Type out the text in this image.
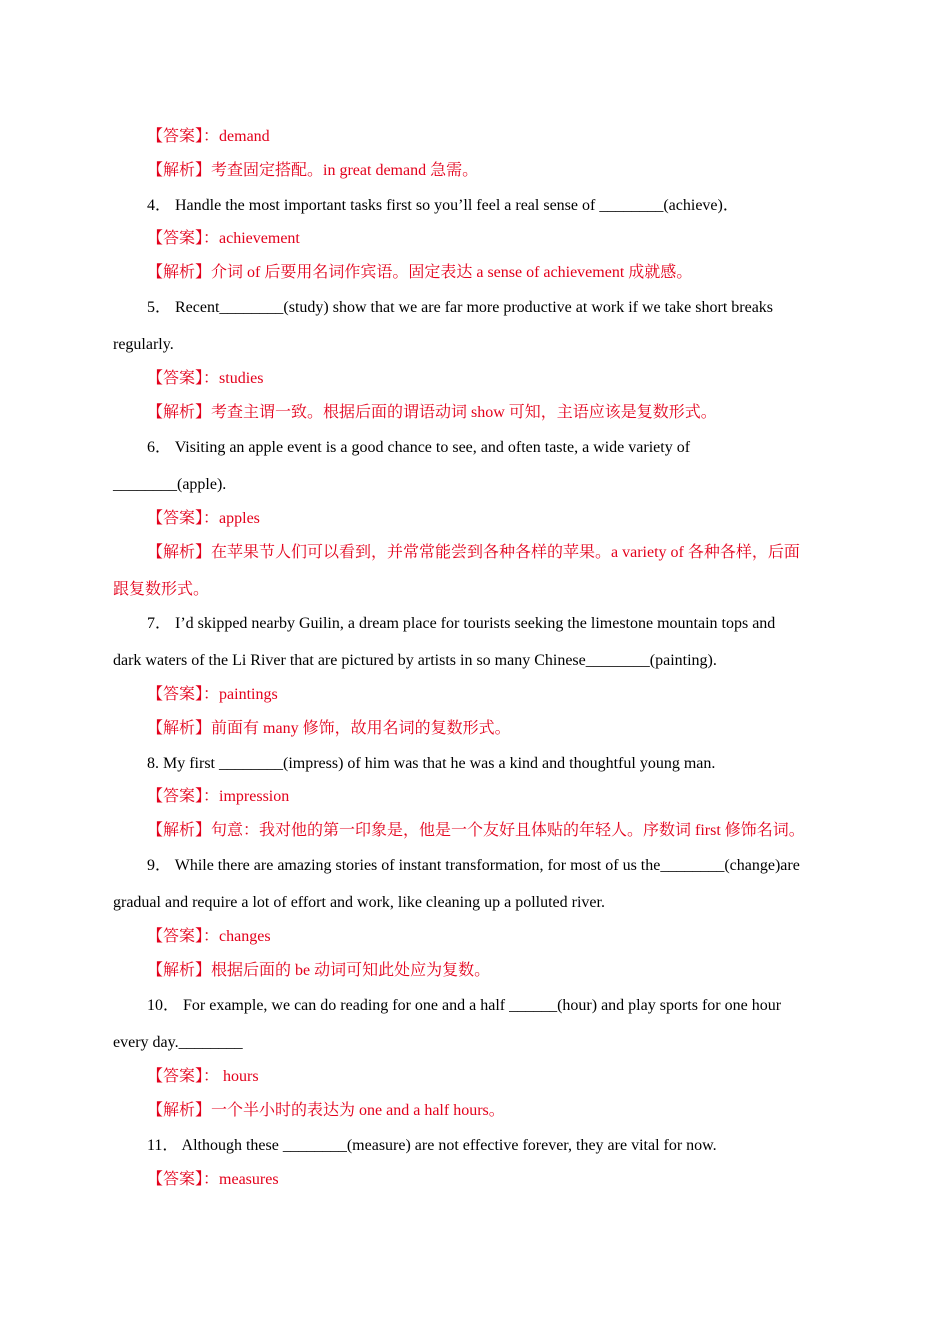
【答案】：demand
【解析】考查固定搭配。in great demand 急需。
4． Handle the most important tasks first so you’ll feel a real sense of ________(achieve)．
【答案】：achievement
【解析】介词 of 后要用名词作宾语。固定表达 a sense of achievement 成就感。
5． Recent________(study) show that we are far more productive at work if we take short breaks
regularly.
【答案】：studies
【解析】考查主谓一致。根据后面的谓语动词 show 可知，主语应该是复数形式。
6． Visiting an apple event is a good chance to see, and often taste, a wide variety of
________(apple).
【答案】：apples
【解析】在苹果节人们可以看到，并常常能尝到各种各样的苹果。a variety of 各种各样，后面
跟复数形式。
7． I’d skipped nearby Guilin, a dream place for tourists seeking the limestone mountain tops and
dark waters of the Li River that are pictured by artists in so many Chinese________(painting).
【答案】：paintings
【解析】前面有 many 修饰，故用名词的复数形式。
8. My first ________(impress) of him was that he was a kind and thoughtful young man.
【答案】：impression
【解析】句意：我对他的第一印象是，他是一个友好且体贴的年轻人。序数词 first 修饰名词。
9． While there are amazing stories of instant transformation, for most of us the________(change)are
gradual and require a lot of effort and work, like cleaning up a polluted river.
【答案】：changes
【解析】根据后面的 be 动词可知此处应为复数。
10． For example, we can do reading for one and a half ______(hour) and play sports for one hour
every day.________
【答案】： hours
【解析】一个半小时的表达为 one and a half hours。
11． Although these ________(measure) are not effective forever, they are vital for now.
【答案】：measures
